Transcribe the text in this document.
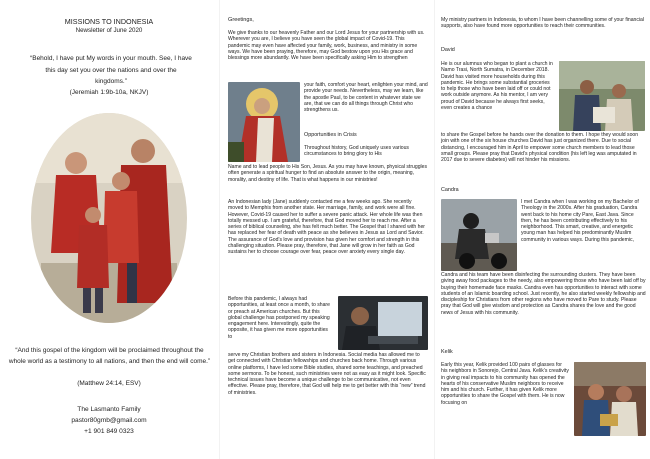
MISSIONS TO INDONESIA

Newsletter of June 2020

“Behold, I have put My words in your mouth. See, I have this day set you over the nations and over the kingdoms.”

(Jeremiah 1:9b-10a, NKJV)

“And this gospel of the kingdom will be proclaimed throughout the whole world as a testimony to all nations, and then the end will come.”

(Matthew 24:14, ESV)

The Lasmanto Family

pastor80gmb@gmail.com

+1 901 849 0323

Greetings,

We give thanks to our heavenly Father and our Lord Jesus for your partnership with us. Wherever you are, I believe you have seen the global impact of Covid-19. This pandemic may even have affected your family, work, business, and ministry in some ways. We have been praying, therefore, may God bestow upon you His grace and blessings more abundantly. We have been specifically asking Him to strengthen

your faith, comfort your heart, enlighten your mind, and provide your needs. Nevertheless, may we learn, like the apostle Paul, to be content in whatever state we are, that we can do all things through Christ who strengthens us.

Opportunities in Crisis

Throughout history, God uniquely uses various circumstances to bring glory to His

Name and to lead people to His Son, Jesus. As you may have known, physical struggles often generate a spiritual hunger to find an absolute answer to the origin, meaning, morality, and destiny of life. That is what happens in our ministries!

An Indonesian lady (Jane) suddenly contacted me a few weeks ago. She recently moved to Memphis from another state. Her marriage, family, and work were all fine. However, Covid-19 caused her to suffer a severe panic attack. Her whole life was then totally messed up. I am grateful, therefore, that God moved her to reach me. After a series of biblical counseling, she has felt much better. The Gospel that I shared with her has replaced her fear of death with peace as she believes in Jesus as Lord and Savior. The assurance of God’s love and provision has given her comfort and strength in this challenging situation. Please pray, therefore, that Jane will grow in her faith as God sustains her to choose courage over fear, peace over anxiety every single day.

Before this pandemic, I always had opportunities, at least once a month, to share or preach at American churches. But this global challenge has postponed my speaking engagement here. Interestingly, quite the opposite, it has given me more opportunities to

serve my Christian brothers and sisters in Indonesia. Social media has allowed me to get connected with Christian fellowships and churches back home. Through various online platforms, I have led some Bible studies, shared some teachings, and preached some sermons. To be honest, such ministries were not as easy as it might look. Specific technical issues have become a unique challenge to be communicative, not even effective. Please pray, therefore, that God will help me to get better with this “new” trend of ministries.

My ministry partners in Indonesia, to whom I have been channelling some of your financial supports, also have found more opportunities to reach their communities.

David

He is our alumnus who began to plant a church in Namo Trasi, North Sumatra, in December 2018. David has visited more households during this pandemic. He brings some substantial groceries to help those who have been laid off or could not work outside anymore. As his mentor, I am very proud of David because he always first seeks, even creates a chance

to share the Gospel before he hands over the donation to them. I hope they would soon join with one of the six house churches David has just organized there. Due to social distancing, I encouraged him in April to empower some church members to lead those small groups. Please pray that David’s physical condition (his left leg was amputated in 2017 due to severe diabetes) will not hinder his missions.

Candra

I met Candra when I was working on my Bachelor of Theology in the 2000s. After his graduation, Candra went back to his home city Pare, East Java. Since then, he has been contributing effectively to his neighborhood. This smart, creative, and energetic young man has helped his predominantly Muslim community in various ways. During this pandemic,

Candra and his team have been disinfecting the surrounding clusters. They have been giving away food packages to the needy, also empowering those who have been laid off by buying their homemade face masks. Candra even has opportunities to interact with some students of an Islamic boarding school. Just recently, he also started weekly fellowship and discipleship for Christians from other regions who have moved to Pare to study. Please pray that God will give wisdom and protection as Candra shares the love and the good news of Jesus with his community.

Kelik

Early this year, Kelik provided 100 pairs of glasses for his neighbors in Sonorejo, Central Java. Kelik’s creativity in giving real impacts to his community has opened the hearts of his conservative Muslim neighbors to receive him and his church. Further, it has given Kelik more opportunities to share the Gospel with them. He is now focusing on
